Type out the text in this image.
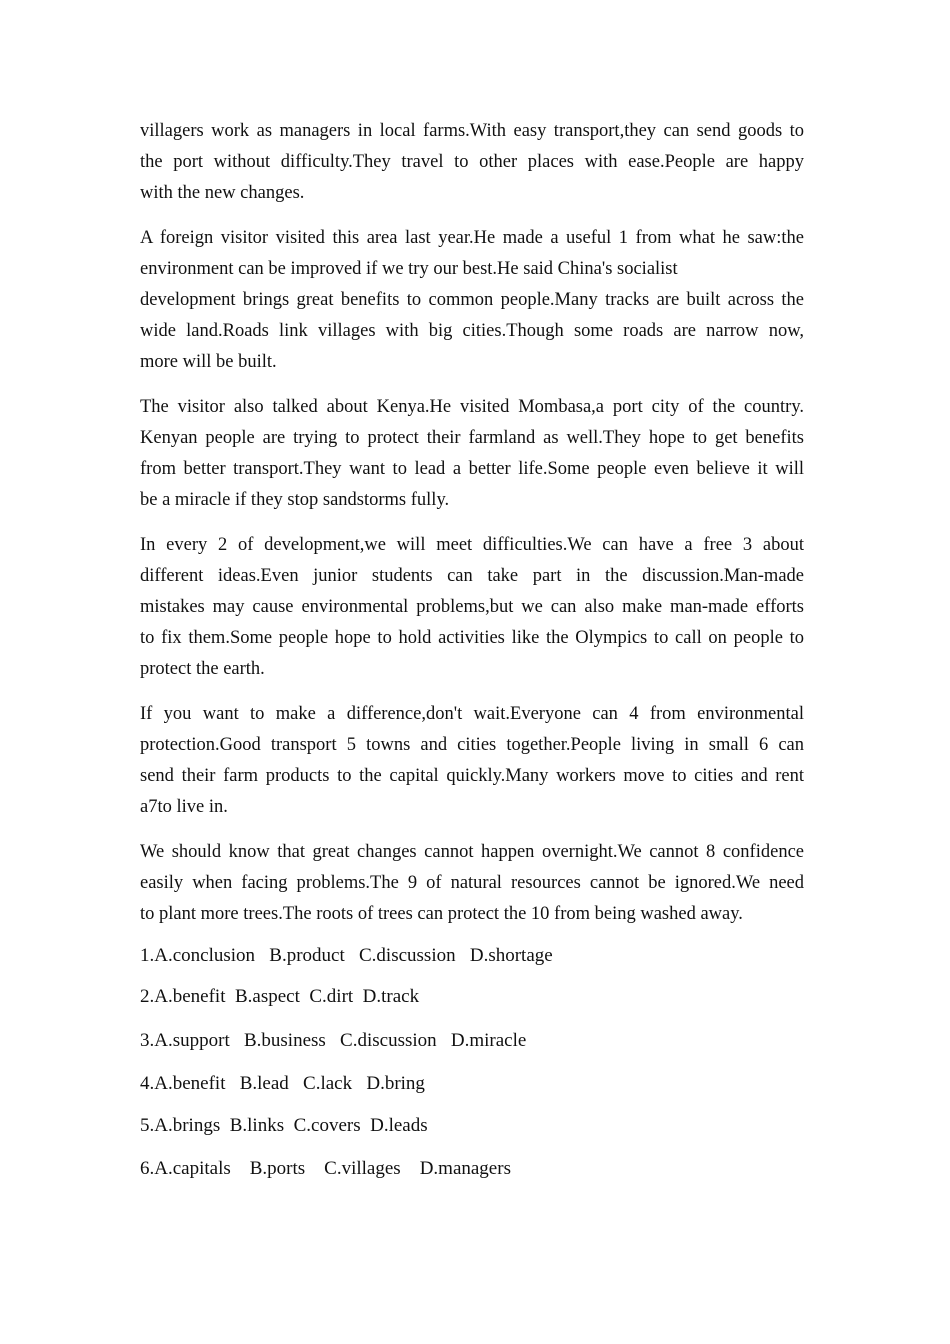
villagers work as managers in local farms.With easy transport,they can send goods to
the port without difficulty.They travel to other places with ease.People are happy
with the new changes.
A foreign visitor visited this area last year.He made a useful 1 from what he saw:the
environment can be improved if we try our best.He said China's socialist
development brings great benefits to common people.Many tracks are built across the
wide land.Roads link villages with big cities.Though some roads are narrow now,
more will be built.
The visitor also talked about Kenya.He visited Mombasa,a port city of the country.
Kenyan people are trying to protect their farmland as well.They hope to get benefits
from better transport.They want to lead a better life.Some people even believe it will
be a miracle if they stop sandstorms fully.
In every 2 of development,we will meet difficulties.We can have a free 3 about
different ideas.Even junior students can take part in the discussion.Man-made
mistakes may cause environmental problems,but we can also make man-made efforts
to fix them.Some people hope to hold activities like the Olympics to call on people to
protect the earth.
If you want to make a difference,don't wait.Everyone can 4 from environmental
protection.Good transport 5 towns and cities together.People living in small 6 can
send their farm products to the capital quickly.Many workers move to cities and rent
a7to live in.
We should know that great changes cannot happen overnight.We cannot 8 confidence
easily when facing problems.The 9 of natural resources cannot be ignored.We need
to plant more trees.The roots of trees can protect the 10 from being washed away.

1.A.conclusion   B.product   C.discussion   D.shortage

2.A.benefit  B.aspect  C.dirt  D.track

3.A.support   B.business   C.discussion   D.miracle

4.A.benefit   B.lead   C.lack   D.bring

5.A.brings  B.links  C.covers  D.leads

6.A.capitals    B.ports    C.villages    D.managers
